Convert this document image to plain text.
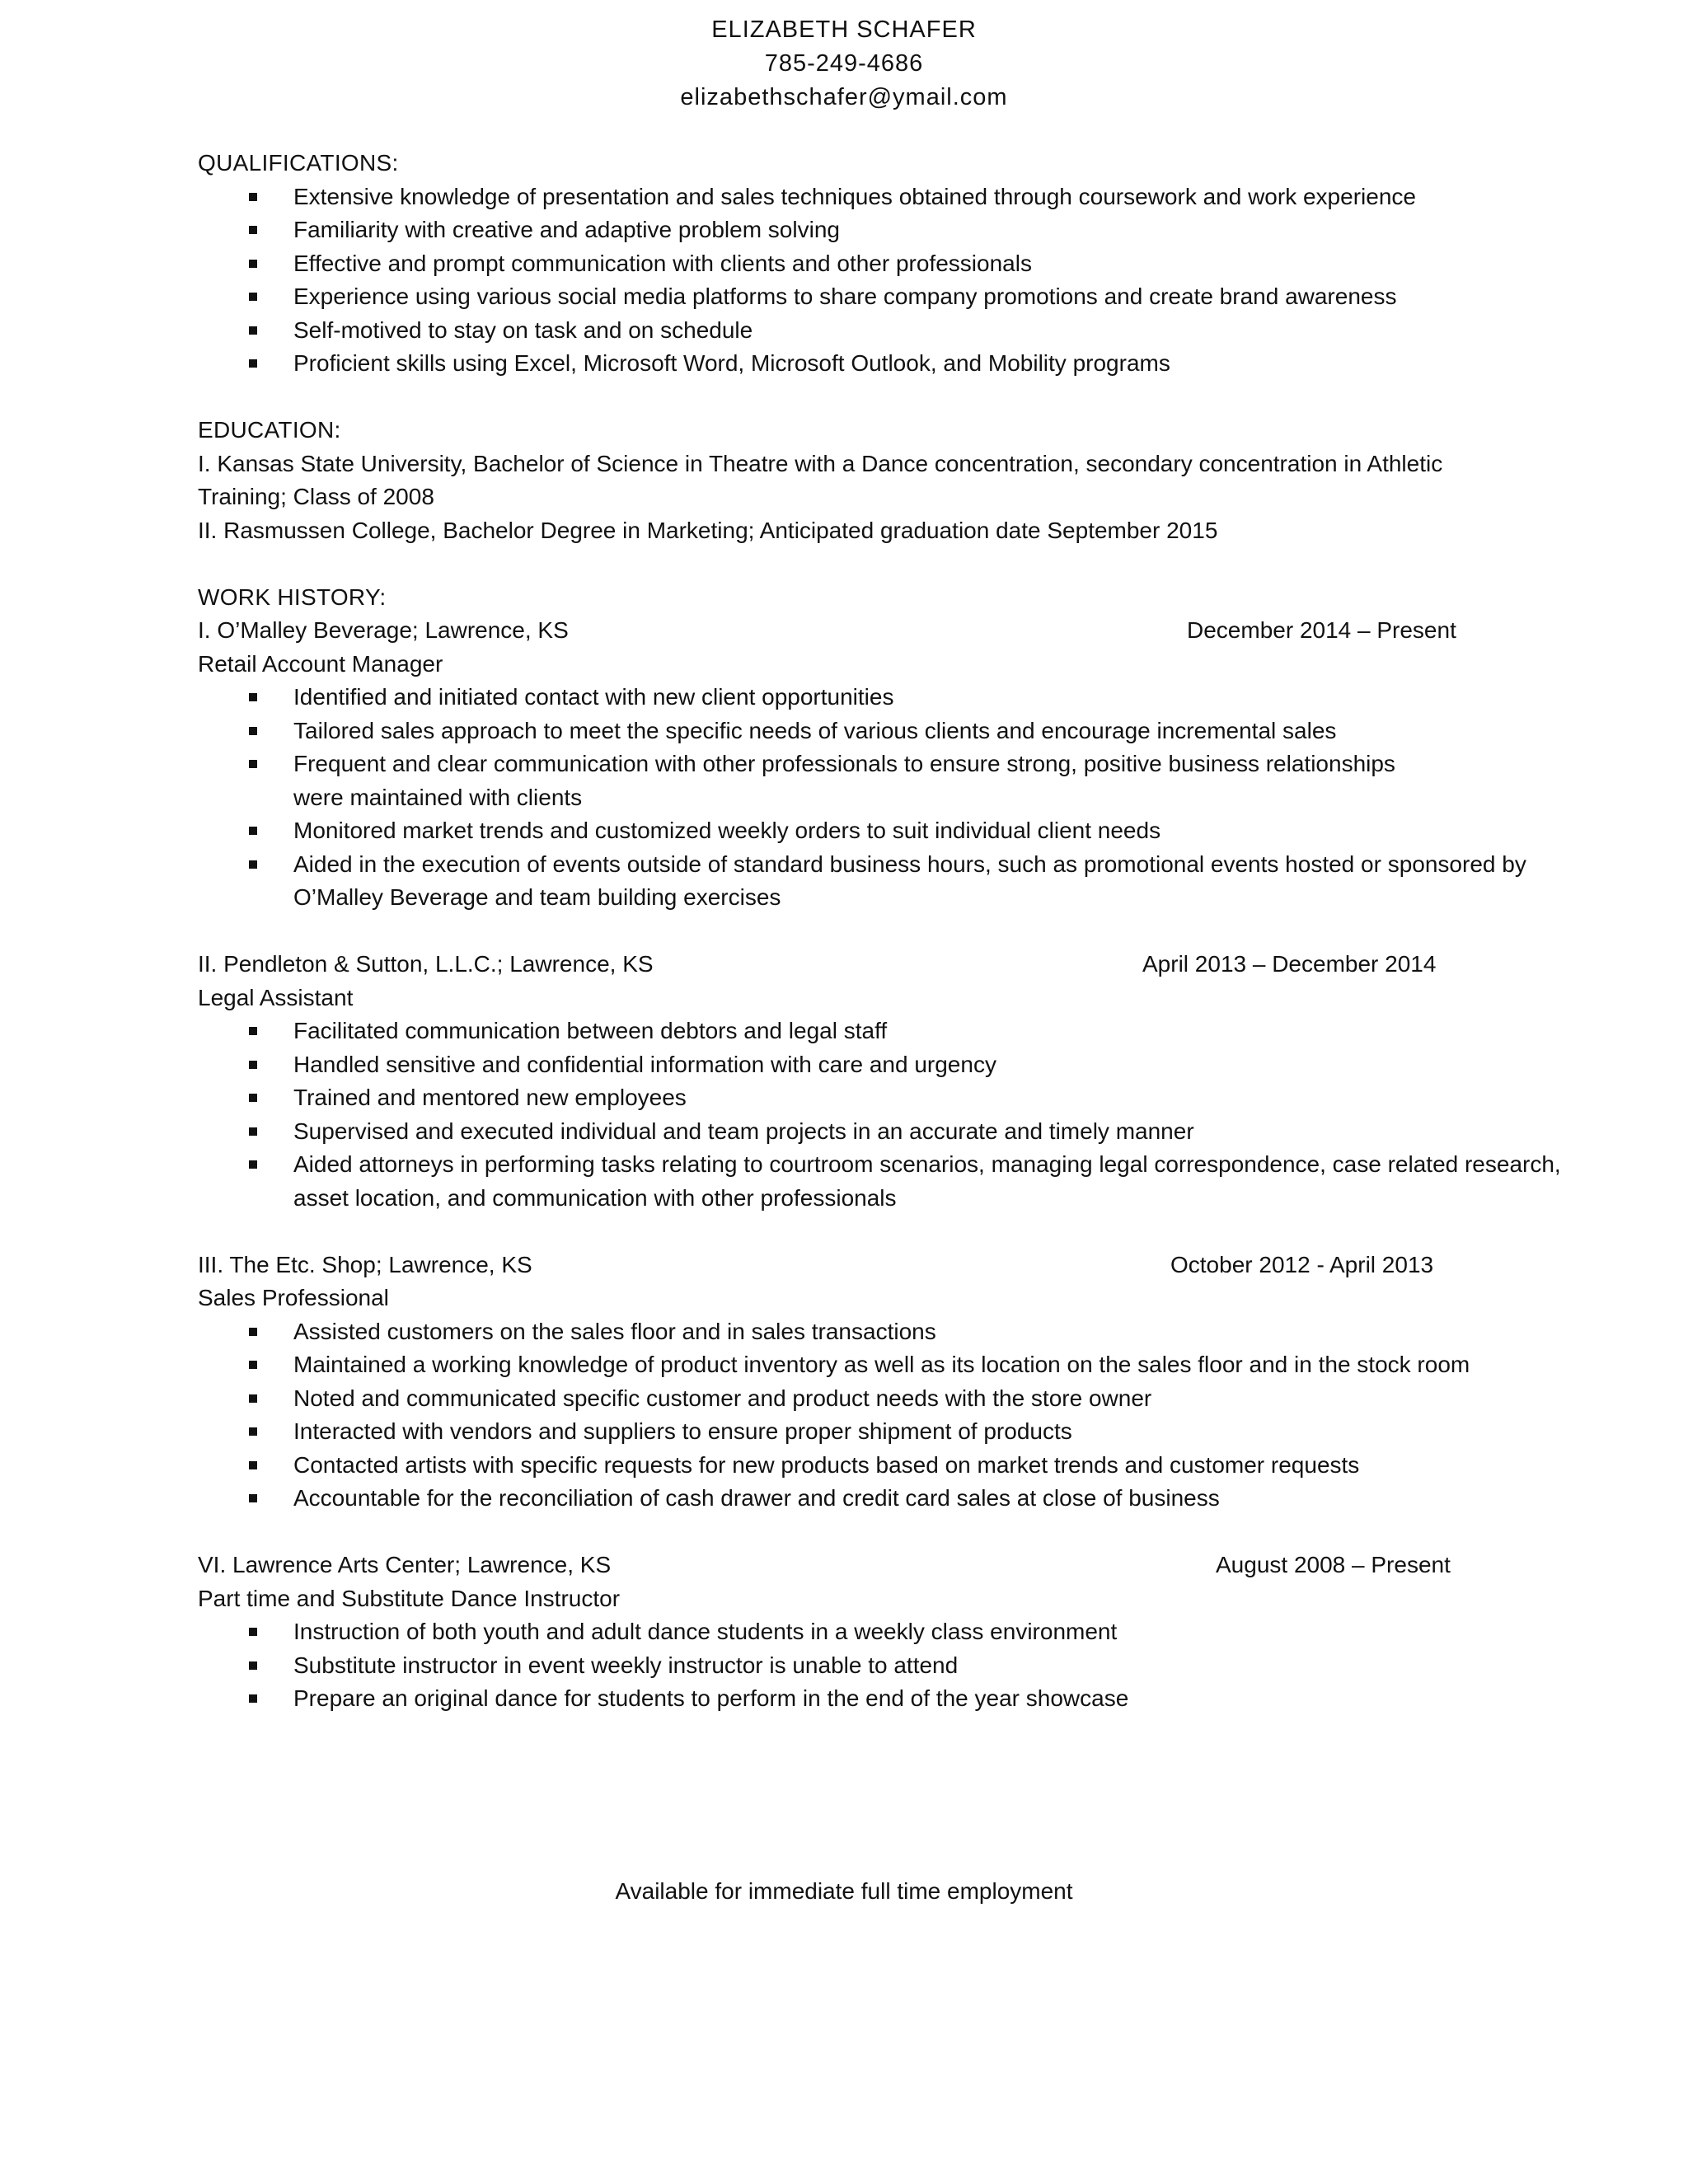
ELIZABETH SCHAFER
785-249-4686
elizabethschafer@ymail.com
QUALIFICATIONS:
Extensive knowledge of presentation and sales techniques obtained through coursework and work experience
Familiarity with creative and adaptive problem solving
Effective and prompt communication with clients and other professionals
Experience using various social media platforms to share company promotions and create brand awareness
Self-motived to stay on task and on schedule
Proficient skills using Excel, Microsoft Word, Microsoft Outlook, and Mobility programs
EDUCATION:
I. Kansas State University, Bachelor of Science in Theatre with a Dance concentration, secondary concentration in Athletic Training; Class of 2008
II. Rasmussen College, Bachelor Degree in Marketing; Anticipated graduation date September 2015
WORK HISTORY:
I. O’Malley Beverage; Lawrence, KS	December 2014 – Present
Retail Account Manager
Identified and initiated contact with new client opportunities
Tailored sales approach to meet the specific needs of various clients and encourage incremental sales
Frequent and clear communication with other professionals to ensure strong, positive business relationships were maintained with clients
Monitored market trends and customized weekly orders to suit individual client needs
Aided in the execution of events outside of standard business hours, such as promotional events hosted or sponsored by O’Malley Beverage and team building exercises
II. Pendleton & Sutton, L.L.C.; Lawrence, KS	April 2013 – December 2014
Legal Assistant
Facilitated communication between debtors and legal staff
Handled sensitive and confidential information with care and urgency
Trained and mentored new employees
Supervised and executed individual and team projects in an accurate and timely manner
Aided attorneys in performing tasks relating to courtroom scenarios, managing legal correspondence, case related research, asset location, and communication with other professionals
III. The Etc. Shop; Lawrence, KS	October 2012 - April 2013
Sales Professional
Assisted customers on the sales floor and in sales transactions
Maintained a working knowledge of product inventory as well as its location on the sales floor and in the stock room
Noted and communicated specific customer and product needs with the store owner
Interacted with vendors and suppliers to ensure proper shipment of products
Contacted artists with specific requests for new products based on market trends and customer requests
Accountable for the reconciliation of cash drawer and credit card sales at close of business
VI. Lawrence Arts Center; Lawrence, KS	August 2008 – Present
Part time and Substitute Dance Instructor
Instruction of both youth and adult dance students in a weekly class environment
Substitute instructor in event weekly instructor is unable to attend
Prepare an original dance for students to perform in the end of the year showcase
Available for immediate full time employment
